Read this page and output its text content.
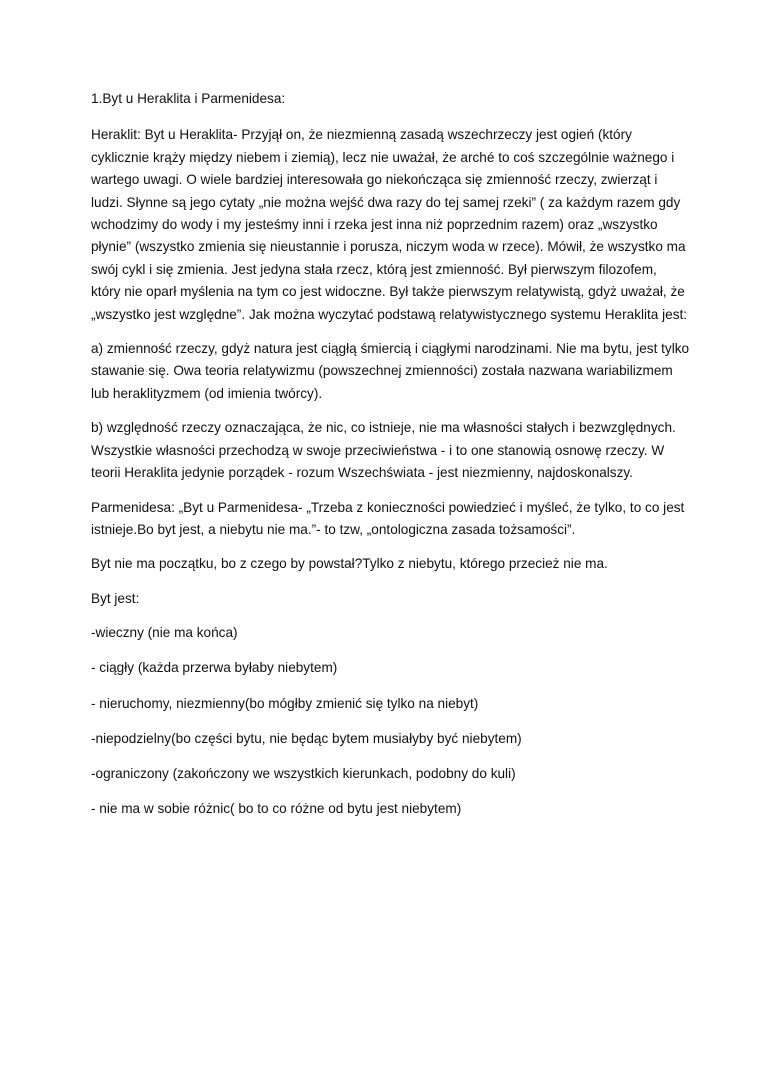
1.Byt u Heraklita i Parmenidesa:

Heraklit: Byt u Heraklita- Przyjął on, że niezmienną zasadą wszechrzeczy jest ogień (który cyklicznie krąży między niebem i ziemią), lecz nie uważał, że arché to coś szczególnie ważnego i wartego uwagi. O wiele bardziej interesowała go niekończąca się zmienność rzeczy, zwierząt i ludzi. Słynne są jego cytaty „nie można wejść dwa razy do tej samej rzeki” ( za każdym razem gdy wchodzimy do wody i my jesteśmy inni i rzeka jest inna niż poprzednim razem) oraz „wszystko płynie” (wszystko zmienia się nieustannie i porusza, niczym woda w rzece). Mówił, że wszystko ma swój cykl i się zmienia. Jest jedyna stała rzecz, którą jest zmienność. Był pierwszym filozofem, który nie oparł myślenia na tym co jest widoczne. Był także pierwszym relatywistą, gdyż uważał, że „wszystko jest względne”. Jak można wyczytać podstawą relatywistycznego systemu Heraklita jest:

a) zmienność rzeczy, gdyż natura jest ciągłą śmiercią i ciągłymi narodzinami. Nie ma bytu, jest tylko stawanie się. Owa teoria relatywizmu (powszechnej zmienności) została nazwana wariabilizmem lub heraklityzmem (od imienia twórcy).

b) względność rzeczy oznaczająca, że nic, co istnieje, nie ma własności stałych i bezwzględnych. Wszystkie własności przechodzą w swoje przeciwieństwa - i to one stanowią osnowę rzeczy. W teorii Heraklita jedynie porządek - rozum Wszechświata - jest niezmienny, najdoskonalszy.

Parmenidesa: „Byt u Parmenidesa- „Trzeba z konieczności powiedzieć i myśleć, że tylko, to co jest istnieje.Bo byt jest, a niebytu nie ma.”- to tzw, „ontologiczna zasada tożsamości”.

Byt nie ma początku, bo z czego by powstał?Tylko z niebytu, którego przecież nie ma.

Byt jest:

-wieczny (nie ma końca)

- ciągły (każda przerwa byłaby niebytem)

- nieruchomy, niezmienny(bo mógłby zmienić się tylko na niebyt)

-niepodzielny(bo części bytu, nie będąc bytem musiałyby być niebytem)

-ograniczony (zakończony we wszystkich kierunkach, podobny do kuli)

- nie ma w sobie różnic( bo to co różne od bytu jest niebytem)
